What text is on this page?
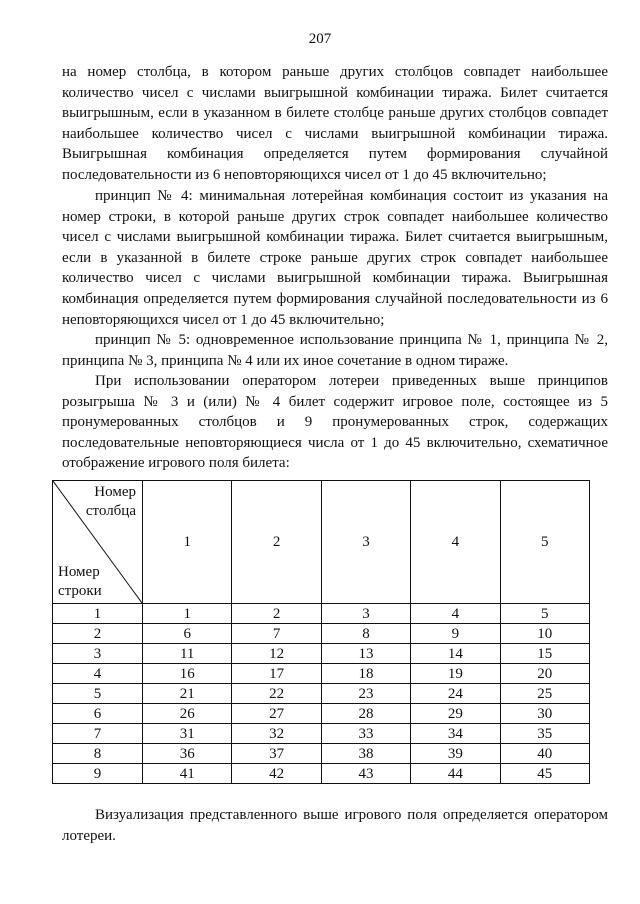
207

на номер столбца, в котором раньше других столбцов совпадет наибольшее количество чисел с числами выигрышной комбинации тиража. Билет считается выигрышным, если в указанном в билете столбце раньше других столбцов совпадет наибольшее количество чисел с числами выигрышной комбинации тиража. Выигрышная комбинация определяется путем формирования случайной последовательности из 6 неповторяющихся чисел от 1 до 45 включительно;

принцип № 4: минимальная лотерейная комбинация состоит из указания на номер строки, в которой раньше других строк совпадет наибольшее количество чисел с числами выигрышной комбинации тиража. Билет считается выигрышным, если в указанной в билете строке раньше других строк совпадет наибольшее количество чисел с числами выигрышной комбинации тиража. Выигрышная комбинация определяется путем формирования случайной последовательности из 6 неповторяющихся чисел от 1 до 45 включительно;

принцип № 5: одновременное использование принципа № 1, принципа № 2, принципа № 3, принципа № 4 или их иное сочетание в одном тираже.

При использовании оператором лотереи приведенных выше принципов розыгрыша № 3 и (или) № 4 билет содержит игровое поле, состоящее из 5 пронумерованных столбцов и 9 пронумерованных строк, содержащих последовательные неповторяющиеся числа от 1 до 45 включительно, схематичное отображение игрового поля билета:

Номер столбца
Номер строки	1	2	3	4	5
1	1	2	3	4	5
2	6	7	8	9	10
3	11	12	13	14	15
4	16	17	18	19	20
5	21	22	23	24	25
6	26	27	28	29	30
7	31	32	33	34	35
8	36	37	38	39	40
9	41	42	43	44	45

Визуализация представленного выше игрового поля определяется оператором лотереи.
